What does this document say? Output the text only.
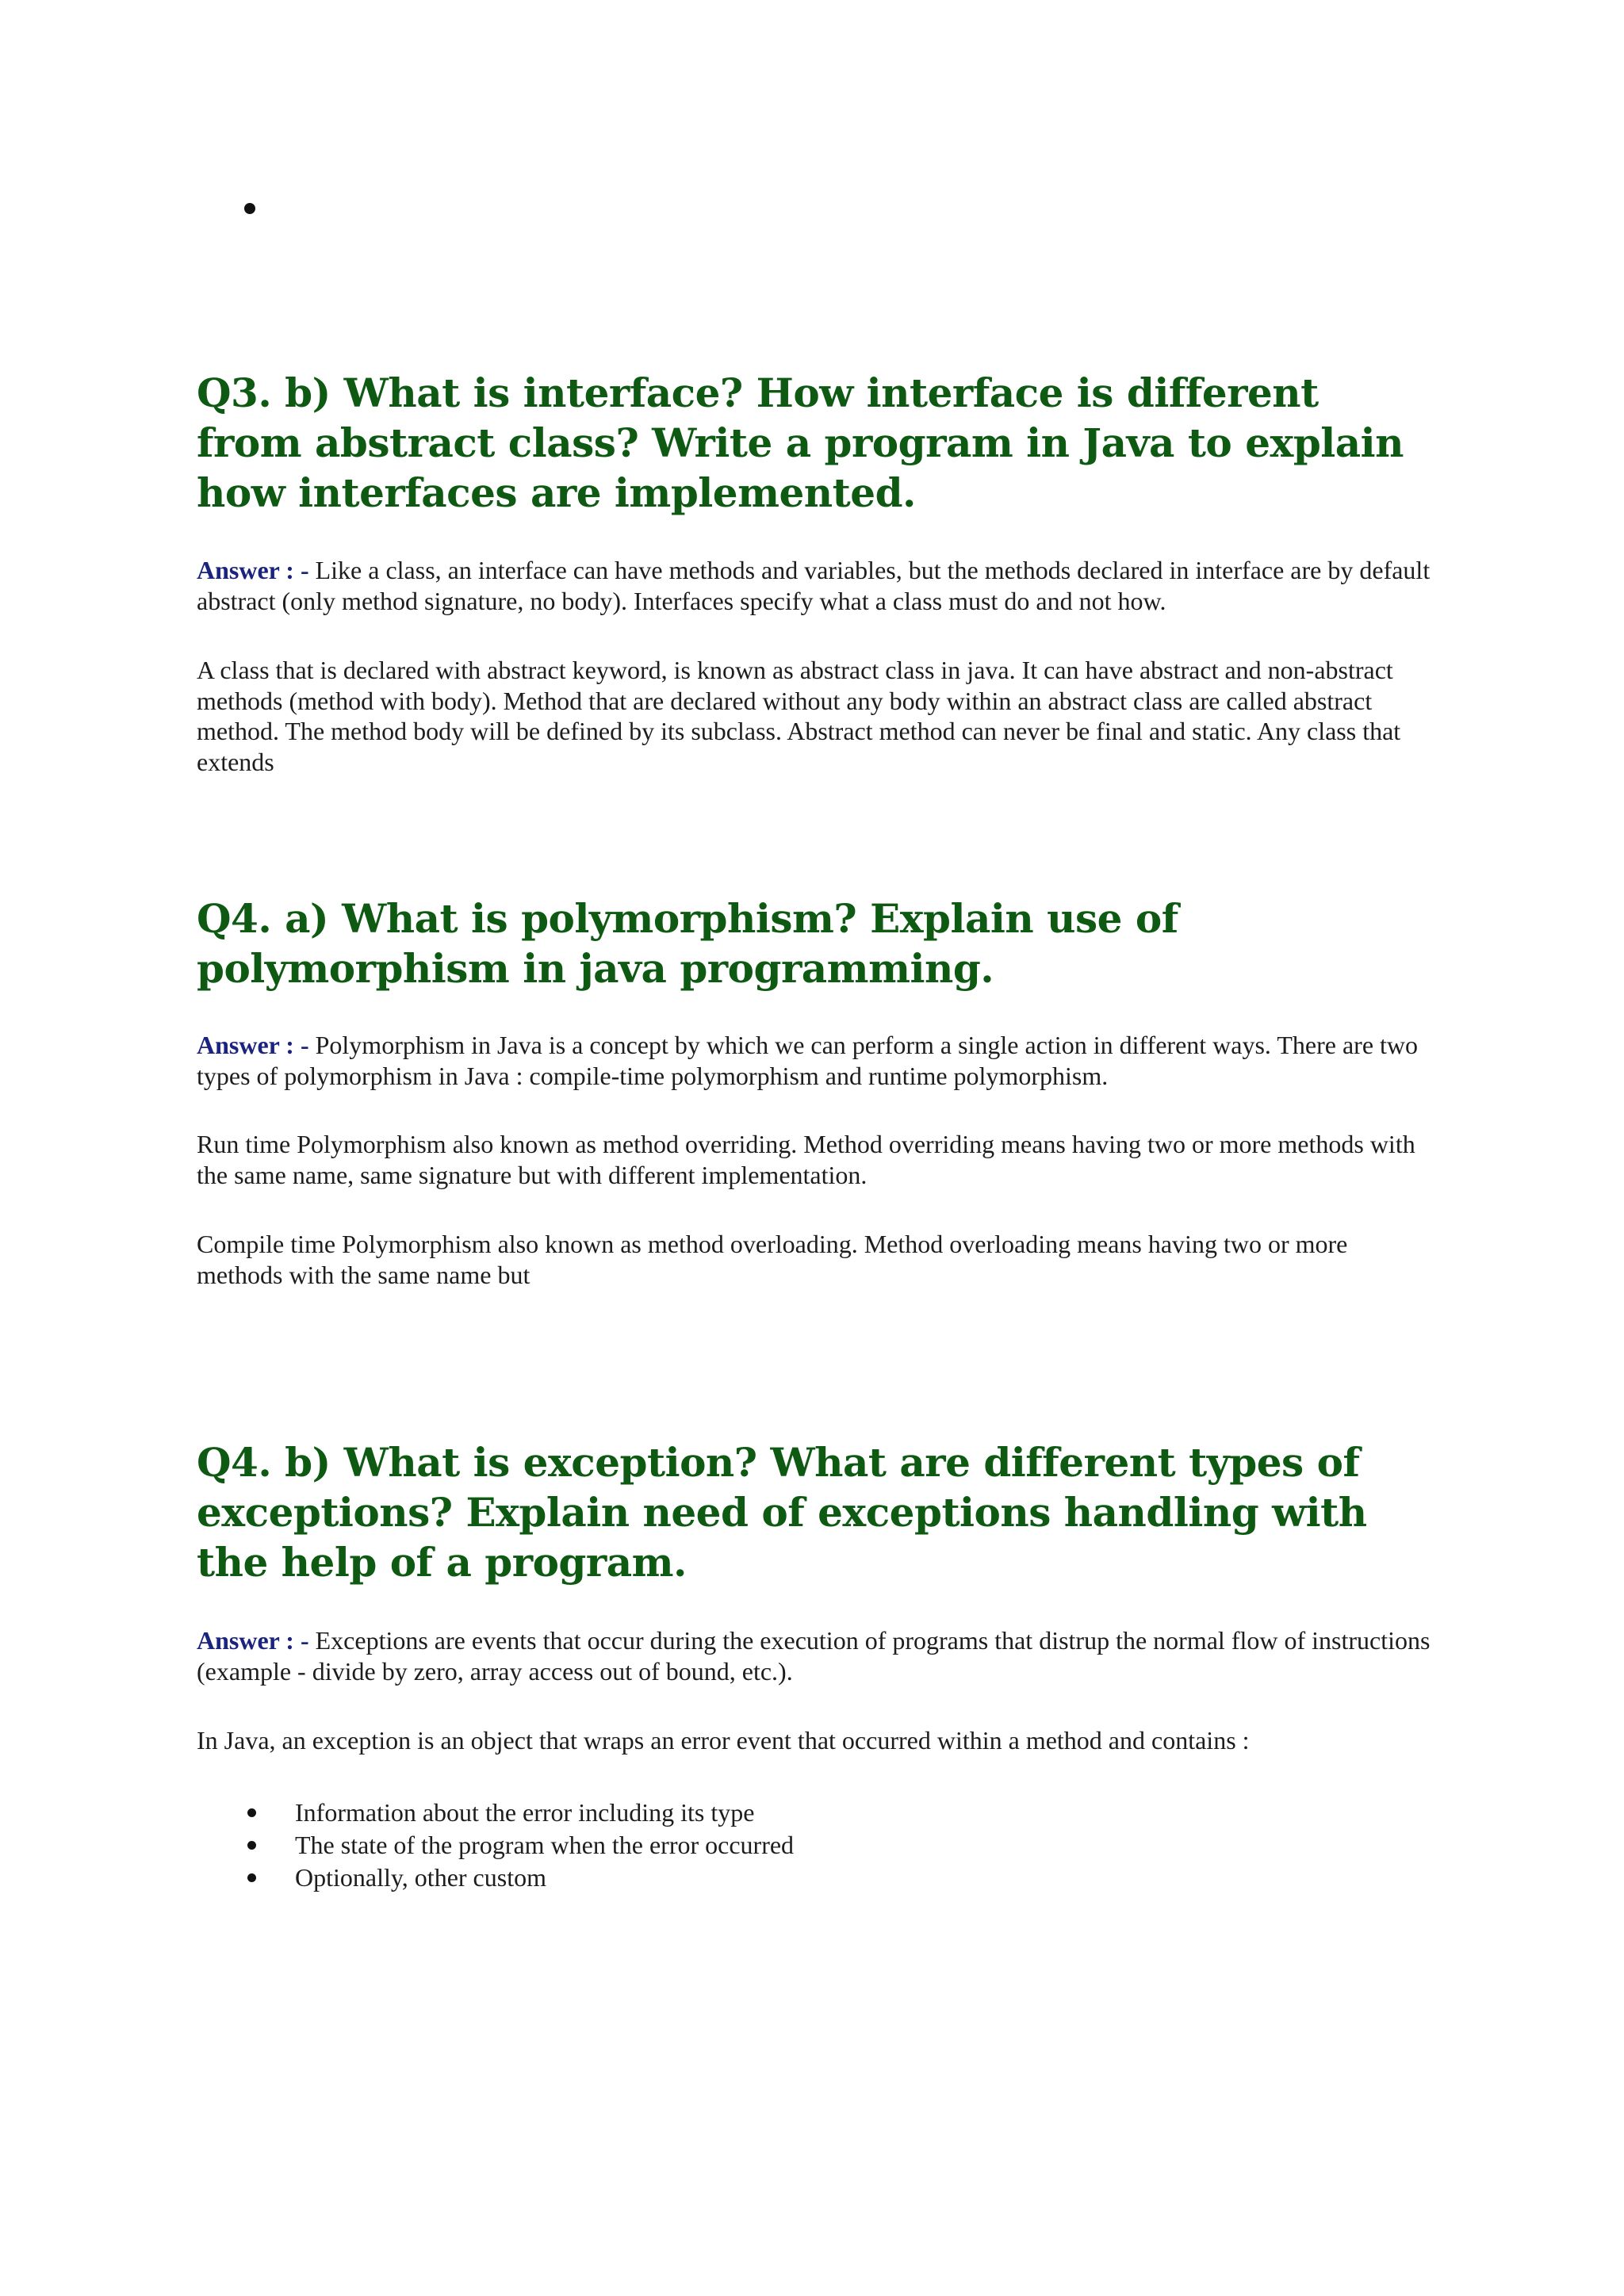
Q3. b) What is interface? How interface is different from abstract class? Write a program in Java to explain how interfaces are implemented.

Answer : - Like a class, an interface can have methods and variables, but the methods declared in interface are by default abstract (only method signature, no body). Interfaces specify what a class must do and not how.

A class that is declared with abstract keyword, is known as abstract class in java. It can have abstract and non-abstract methods (method with body). Method that are declared without any body within an abstract class are called abstract method. The method body will be defined by its subclass. Abstract method can never be final and static. Any class that extends

Q4. a) What is polymorphism? Explain use of polymorphism in java programming.

Answer : - Polymorphism in Java is a concept by which we can perform a single action in different ways. There are two types of polymorphism in Java : compile-time polymorphism and runtime polymorphism.

Run time Polymorphism also known as method overriding. Method overriding means having two or more methods with the same name, same signature but with different implementation.

Compile time Polymorphism also known as method overloading. Method overloading means having two or more methods with the same name but

Q4. b) What is exception? What are different types of exceptions? Explain need of exceptions handling with the help of a program.

Answer : - Exceptions are events that occur during the execution of programs that distrup the normal flow of instructions (example - divide by zero, array access out of bound, etc.).

In Java, an exception is an object that wraps an error event that occurred within a method and contains :

Information about the error including its type
The state of the program when the error occurred
Optionally, other custom
